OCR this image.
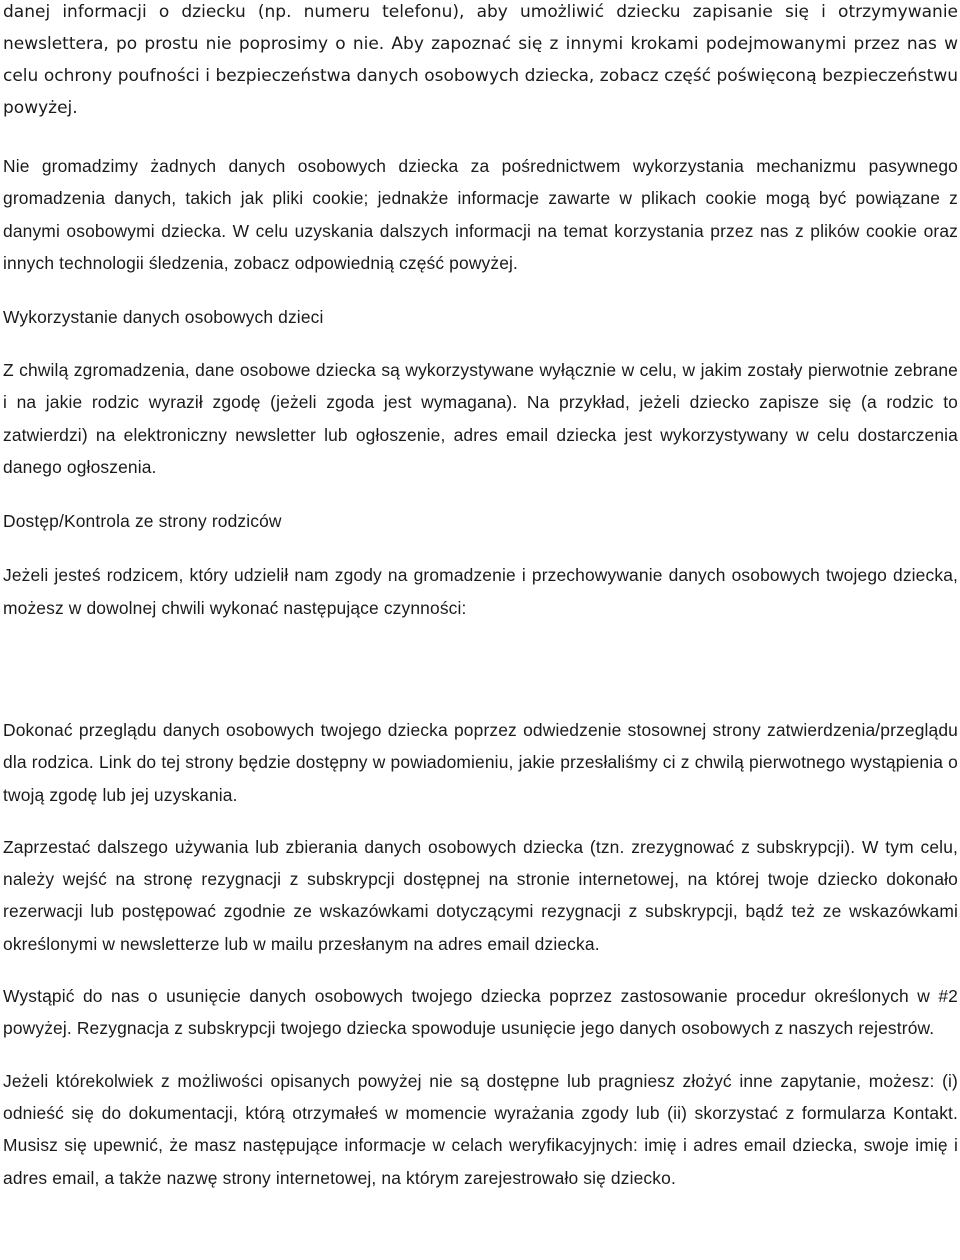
danej informacji o dziecku (np. numeru telefonu), aby umożliwić dziecku zapisanie się i otrzymywanie newslettera, po prostu nie poprosimy o nie. Aby zapoznać się z innymi krokami podejmowanymi przez nas w celu ochrony poufności i bezpieczeństwa danych osobowych dziecka, zobacz część poświęconą bezpieczeństwu powyżej.

Nie gromadzimy żadnych danych osobowych dziecka za pośrednictwem wykorzystania mechanizmu pasywnego gromadzenia danych, takich jak pliki cookie; jednakże informacje zawarte w plikach cookie mogą być powiązane z danymi osobowymi dziecka. W celu uzyskania dalszych informacji na temat korzystania przez nas z plików cookie oraz innych technologii śledzenia, zobacz odpowiednią część powyżej.

Wykorzystanie danych osobowych dzieci

Z chwilą zgromadzenia, dane osobowe dziecka są wykorzystywane wyłącznie w celu, w jakim zostały pierwotnie zebrane i na jakie rodzic wyraził zgodę (jeżeli zgoda jest wymagana). Na przykład, jeżeli dziecko zapisze się (a rodzic to zatwierdzi) na elektroniczny newsletter lub ogłoszenie, adres email dziecka jest wykorzystywany w celu dostarczenia danego ogłoszenia.

Dostęp/Kontrola ze strony rodziców

Jeżeli jesteś rodzicem, który udzielił nam zgody na gromadzenie i przechowywanie danych osobowych twojego dziecka, możesz w dowolnej chwili wykonać następujące czynności:

Dokonać przeglądu danych osobowych twojego dziecka poprzez odwiedzenie stosownej strony zatwierdzenia/przeglądu dla rodzica. Link do tej strony będzie dostępny w powiadomieniu, jakie przesłaliśmy ci z chwilą pierwotnego wystąpienia o twoją zgodę lub jej uzyskania.

Zaprzestać dalszego używania lub zbierania danych osobowych dziecka (tzn. zrezygnować z subskrypcji). W tym celu, należy wejść na stronę rezygnacji z subskrypcji dostępnej na stronie internetowej, na której twoje dziecko dokonało rezerwacji lub postępować zgodnie ze wskazówkami dotyczącymi rezygnacji z subskrypcji, bądź też ze wskazówkami określonymi w newsletterze lub w mailu przesłanym na adres email dziecka.

Wystąpić do nas o usunięcie danych osobowych twojego dziecka poprzez zastosowanie procedur określonych w #2 powyżej. Rezygnacja z subskrypcji twojego dziecka spowoduje usunięcie jego danych osobowych z naszych rejestrów.

Jeżeli którekolwiek z możliwości opisanych powyżej nie są dostępne lub pragniesz złożyć inne zapytanie, możesz: (i) odnieść się do dokumentacji, którą otrzymałeś w momencie wyrażania zgody lub (ii) skorzystać z formularza Kontakt. Musisz się upewnić, że masz następujące informacje w celach weryfikacyjnych: imię i adres email dziecka, swoje imię i adres email, a także nazwę strony internetowej, na którym zarejestrowało się dziecko.
